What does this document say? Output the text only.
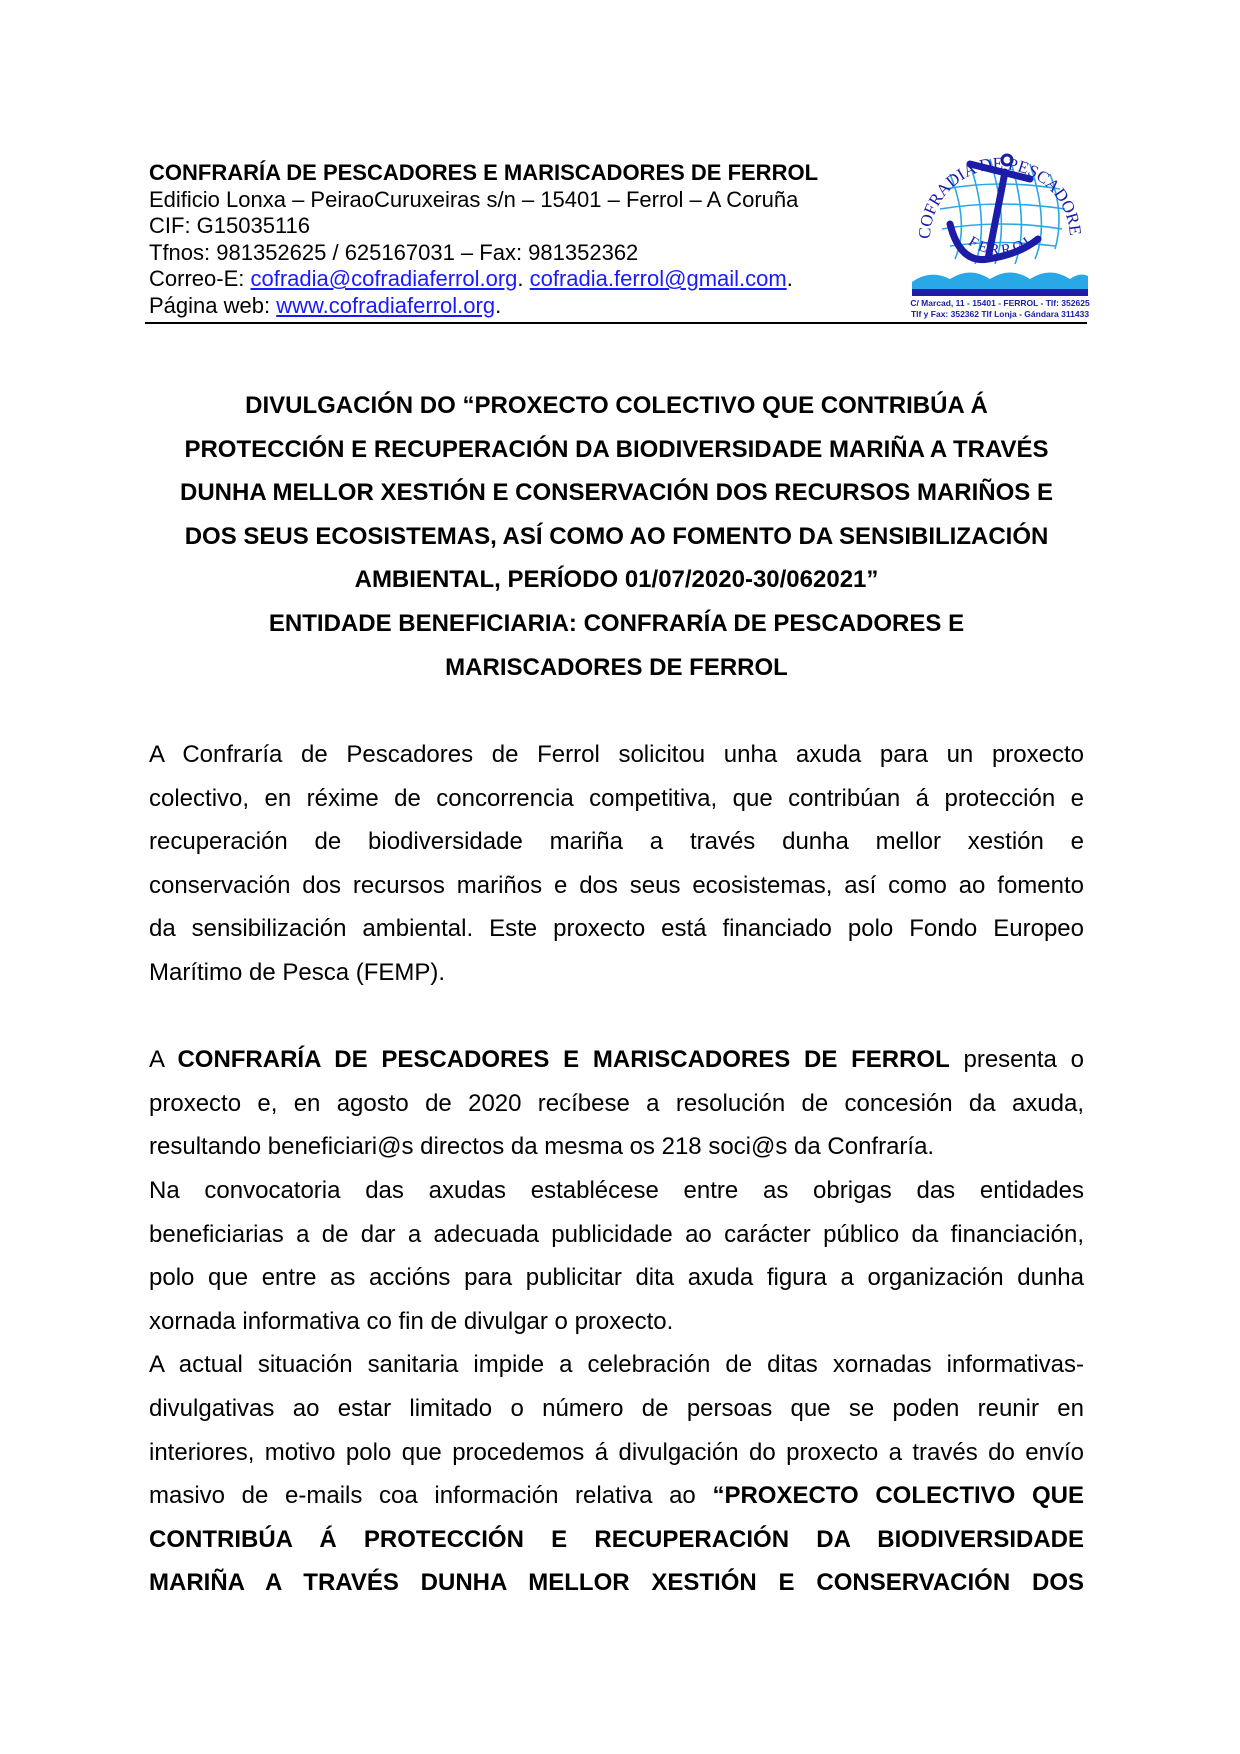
CONFRARÍA DE PESCADORES E MARISCADORES DE FERROL
Edificio Lonxa – PeiraoCuruxeiras s/n – 15401 – Ferrol – A Coruña
CIF: G15035116
Tfnos: 981352625 / 625167031 – Fax: 981352362
Correo-E: cofradia@cofradiaferrol.org. cofradia.ferrol@gmail.com.
Página web: www.cofradiaferrol.org.
COFRADIA DE PESCADORES
FERROL
C/ Marcad, 11 - 15401 - FERROL - Tlf: 352625
Tlf y Fax: 352362 Tlf Lonja - Gándara 311433
DIVULGACIÓN DO “PROXECTO COLECTIVO QUE CONTRIBÚA Á
PROTECCIÓN E RECUPERACIÓN DA BIODIVERSIDADE MARIÑA A TRAVÉS
DUNHA MELLOR XESTIÓN E CONSERVACIÓN DOS RECURSOS MARIÑOS E
DOS SEUS ECOSISTEMAS, ASÍ COMO AO FOMENTO DA SENSIBILIZACIÓN
AMBIENTAL, PERÍODO 01/07/2020-30/062021”
ENTIDADE BENEFICIARIA: CONFRARÍA DE PESCADORES E
MARISCADORES DE FERROL
A Confraría de Pescadores de Ferrol solicitou unha axuda para un proxecto
colectivo, en réxime de concorrencia competitiva, que contribúan á protección e
recuperación de biodiversidade mariña a través dunha mellor xestión e
conservación dos recursos mariños e dos seus ecosistemas, así como ao fomento
da sensibilización ambiental. Este proxecto está financiado polo Fondo Europeo
Marítimo de Pesca (FEMP).
A CONFRARÍA DE PESCADORES E MARISCADORES DE FERROL presenta o
proxecto e, en agosto de 2020 recíbese a resolución de concesión da axuda,
resultando beneficiari@s directos da mesma os 218 soci@s da Confraría.
Na convocatoria das axudas establécese entre as obrigas das entidades
beneficiarias a de dar a adecuada publicidade ao carácter público da financiación,
polo que entre as accións para publicitar dita axuda figura a organización dunha
xornada informativa co fin de divulgar o proxecto.
A actual situación sanitaria impide a celebración de ditas xornadas informativas-
divulgativas ao estar limitado o número de persoas que se poden reunir en
interiores, motivo polo que procedemos á divulgación do proxecto a través do envío
masivo de e-mails coa información relativa ao “PROXECTO COLECTIVO QUE
CONTRIBÚA Á PROTECCIÓN E RECUPERACIÓN DA BIODIVERSIDADE
MARIÑA A TRAVÉS DUNHA MELLOR XESTIÓN E CONSERVACIÓN DOS
